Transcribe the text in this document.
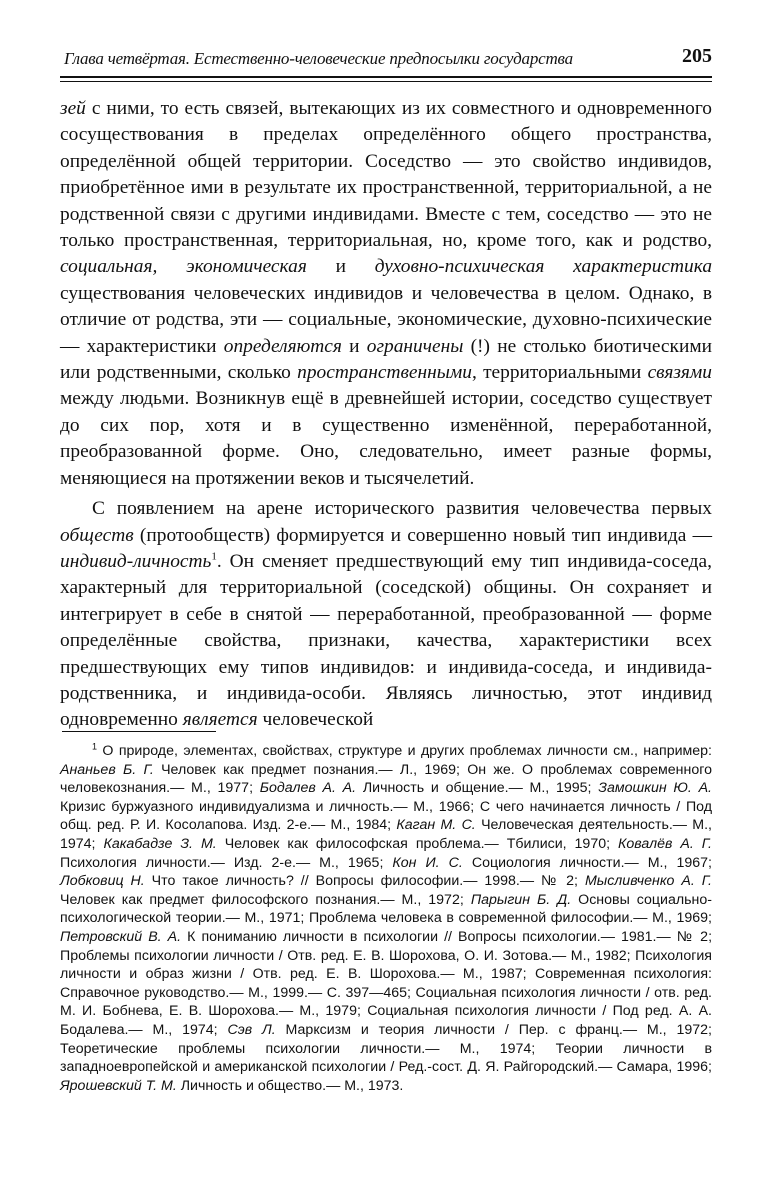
Глава четвёртая. Естественно-человеческие предпосылки государства	205

зей с ними, то есть связей, вытекающих из их совместного и одновременного сосуществования в пределах определённого общего пространства, определённой общей территории. Соседство — это свойство индивидов, приобретённое ими в результате их пространственной, территориальной, а не родственной связи с другими индивидами. Вместе с тем, соседство — это не только пространственная, территориальная, но, кроме того, как и родство, социальная, экономическая и духовно-психическая характеристика существования человеческих индивидов и человечества в целом. Однако, в отличие от родства, эти — социальные, экономические, духовно-психические — характеристики определяются и ограничены (!) не столько биотическими или родственными, сколько пространственными, территориальными связями между людьми. Возникнув ещё в древнейшей истории, соседство существует до сих пор, хотя и в существенно изменённой, переработанной, преобразованной форме. Оно, следовательно, имеет разные формы, меняющиеся на протяжении веков и тысячелетий.

С появлением на арене исторического развития человечества первых обществ (протообществ) формируется и совершенно новый тип индивида — индивид-личность$^1$. Он сменяет предшествующий ему тип индивида-соседа, характерный для территориальной (соседской) общины. Он сохраняет и интегрирует в себе в снятой — переработанной, преобразованной — форме определённые свойства, признаки, качества, характеристики всех предшествующих ему типов индивидов: и индивида-соседа, и индивида-родственника, и индивида-особи. Являясь личностью, этот индивид одновременно является человеческой

$^1$ О природе, элементах, свойствах, структуре и других проблемах личности см., например: Ананьев Б. Г. Человек как предмет познания.— Л., 1969; Он же. О проблемах современного человекознания.— М., 1977; Бодалев А. А. Личность и общение.— М., 1995; Замошкин Ю. А. Кризис буржуазного индивидуализма и личность.— М., 1966; С чего начинается личность / Под общ. ред. Р. И. Косолапова. Изд. 2-е.— М., 1984; Каган М. С. Человеческая деятельность.— М., 1974; Какабадзе З. М. Человек как философская проблема.— Тбилиси, 1970; Ковалёв А. Г. Психология личности.— Изд. 2-е.— М., 1965; Кон И. С. Социология личности.— М., 1967; Лобковиц Н. Что такое личность? // Вопросы философии.— 1998.— № 2; Мысливченко А. Г. Человек как предмет философского познания.— М., 1972; Парыгин Б. Д. Основы социально-психологической теории.— М., 1971; Проблема человека в современной философии.— М., 1969; Петровский В. А. К пониманию личности в психологии // Вопросы психологии.— 1981.— № 2; Проблемы психологии личности / Отв. ред. Е. В. Шорохова, О. И. Зотова.— М., 1982; Психология личности и образ жизни / Отв. ред. Е. В. Шорохова.— М., 1987; Современная психология: Справочное руководство.— М., 1999.— С. 397—465; Социальная психология личности / отв. ред. М. И. Бобнева, Е. В. Шорохова.— М., 1979; Социальная психология личности / Под ред. А. А. Бодалева.— М., 1974; Сэв Л. Марксизм и теория личности / Пер. с франц.— М., 1972; Теоретические проблемы психологии личности.— М., 1974; Теории личности в западноевропейской и американской психологии / Ред.-сост. Д. Я. Райгородский.— Самара, 1996; Ярошевский Т. М. Личность и общество.— М., 1973.
